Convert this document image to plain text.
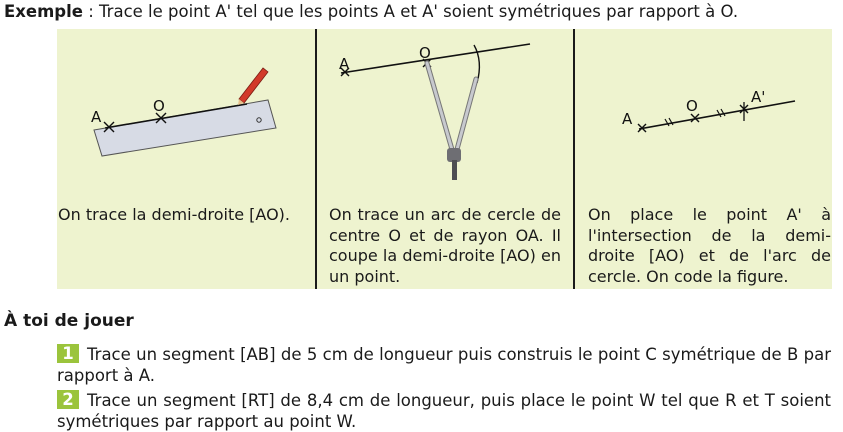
Exemple : Trace le point A' tel que les points A et A' soient symétriques par rapport à O.
A
O
A
O
A
O	A'
On trace la demi-droite [AO).	On trace un arc de cercle de centre O et de rayon OA. Il coupe la demi-droite [AO) en un point.
On place le point A' à l'intersection de la demi-droite [AO) et de l'arc de cercle. On code la figure.
À toi de jouer
1 Trace un segment [AB] de 5 cm de longueur puis construis le point C symétrique de B par rapport à A.
2 Trace un segment [RT] de 8,4 cm de longueur, puis place le point W tel que R et T soient symétriques par rapport au point W.
